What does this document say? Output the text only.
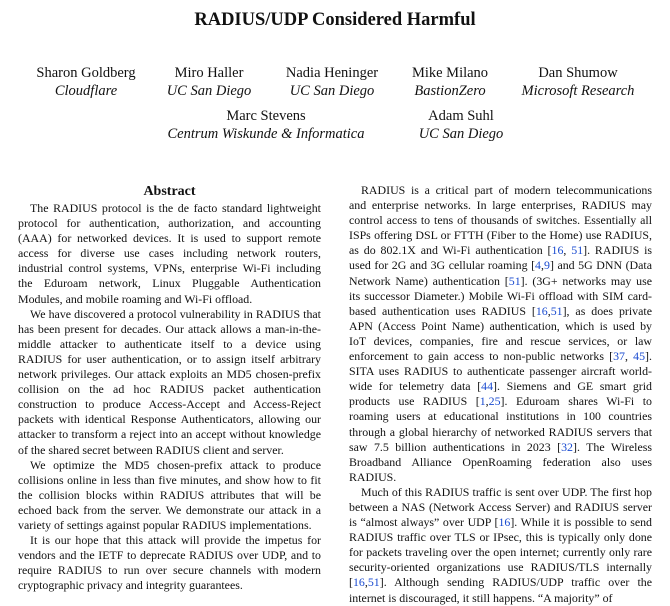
RADIUS/UDP Considered Harmful
Sharon Goldberg
Cloudflare
Miro Haller
UC San Diego
Nadia Heninger
UC San Diego
Mike Milano
BastionZero
Dan Shumow
Microsoft Research
Marc Stevens
Centrum Wiskunde & Informatica
Adam Suhl
UC San Diego
Abstract

The RADIUS protocol is the de facto standard lightweight protocol for authentication, authorization, and accounting (AAA) for networked devices. It is used to support remote access for diverse use cases including network routers, industrial control systems, VPNs, enterprise Wi-Fi including the Eduroam network, Linux Pluggable Authentication Modules, and mobile roaming and Wi-Fi offload.

We have discovered a protocol vulnerability in RADIUS that has been present for decades. Our attack allows a man-in-the-middle attacker to authenticate itself to a device using RADIUS for user authentication, or to assign itself arbitrary network privileges. Our attack exploits an MD5 chosen-prefix collision on the ad hoc RADIUS packet authentication construction to produce Access-Accept and Access-Reject packets with identical Response Authenticators, allowing our attacker to transform a reject into an accept without knowledge of the shared secret between RADIUS client and server.

We optimize the MD5 chosen-prefix attack to produce collisions online in less than five minutes, and show how to fit the collision blocks within RADIUS attributes that will be echoed back from the server. We demonstrate our attack in a variety of settings against popular RADIUS implementations.

It is our hope that this attack will provide the impetus for vendors and the IETF to deprecate RADIUS over UDP, and to require RADIUS to run over secure channels with modern cryptographic privacy and integrity guarantees.

RADIUS is a critical part of modern telecommunications and enterprise networks. In large enterprises, RADIUS may control access to tens of thousands of switches. Essentially all ISPs offering DSL or FTTH (Fiber to the Home) use RADIUS, as do 802.1X and Wi-Fi authentication [16, 51]. RADIUS is used for 2G and 3G cellular roaming [4,9] and 5G DNN (Data Network Name) authentication [51]. (3G+ networks may use its successor Diameter.) Mobile Wi-Fi offload with SIM card-based authentication uses RADIUS [16,51], as does private APN (Access Point Name) authentication, which is used by IoT devices, companies, fire and rescue services, or law enforcement to gain access to non-public networks [37, 45]. SITA uses RADIUS to authenticate passenger aircraft world-wide for telemetry data [44]. Siemens and GE smart grid products use RADIUS [1,25]. Eduroam shares Wi-Fi to roaming users at educational institutions in 100 countries through a global hierarchy of networked RADIUS servers that saw 7.5 billion authentications in 2023 [32]. The Wireless Broadband Alliance OpenRoaming federation also uses RADIUS.

Much of this RADIUS traffic is sent over UDP. The first hop between a NAS (Network Access Server) and RADIUS server is “almost always” over UDP [16]. While it is possible to send RADIUS traffic over TLS or IPsec, this is typically only done for packets traveling over the open internet; currently only rare security-oriented organizations use RADIUS/TLS internally [16,51]. Although sending RADIUS/UDP traffic over the internet is discouraged, it still happens. “A majority” of
